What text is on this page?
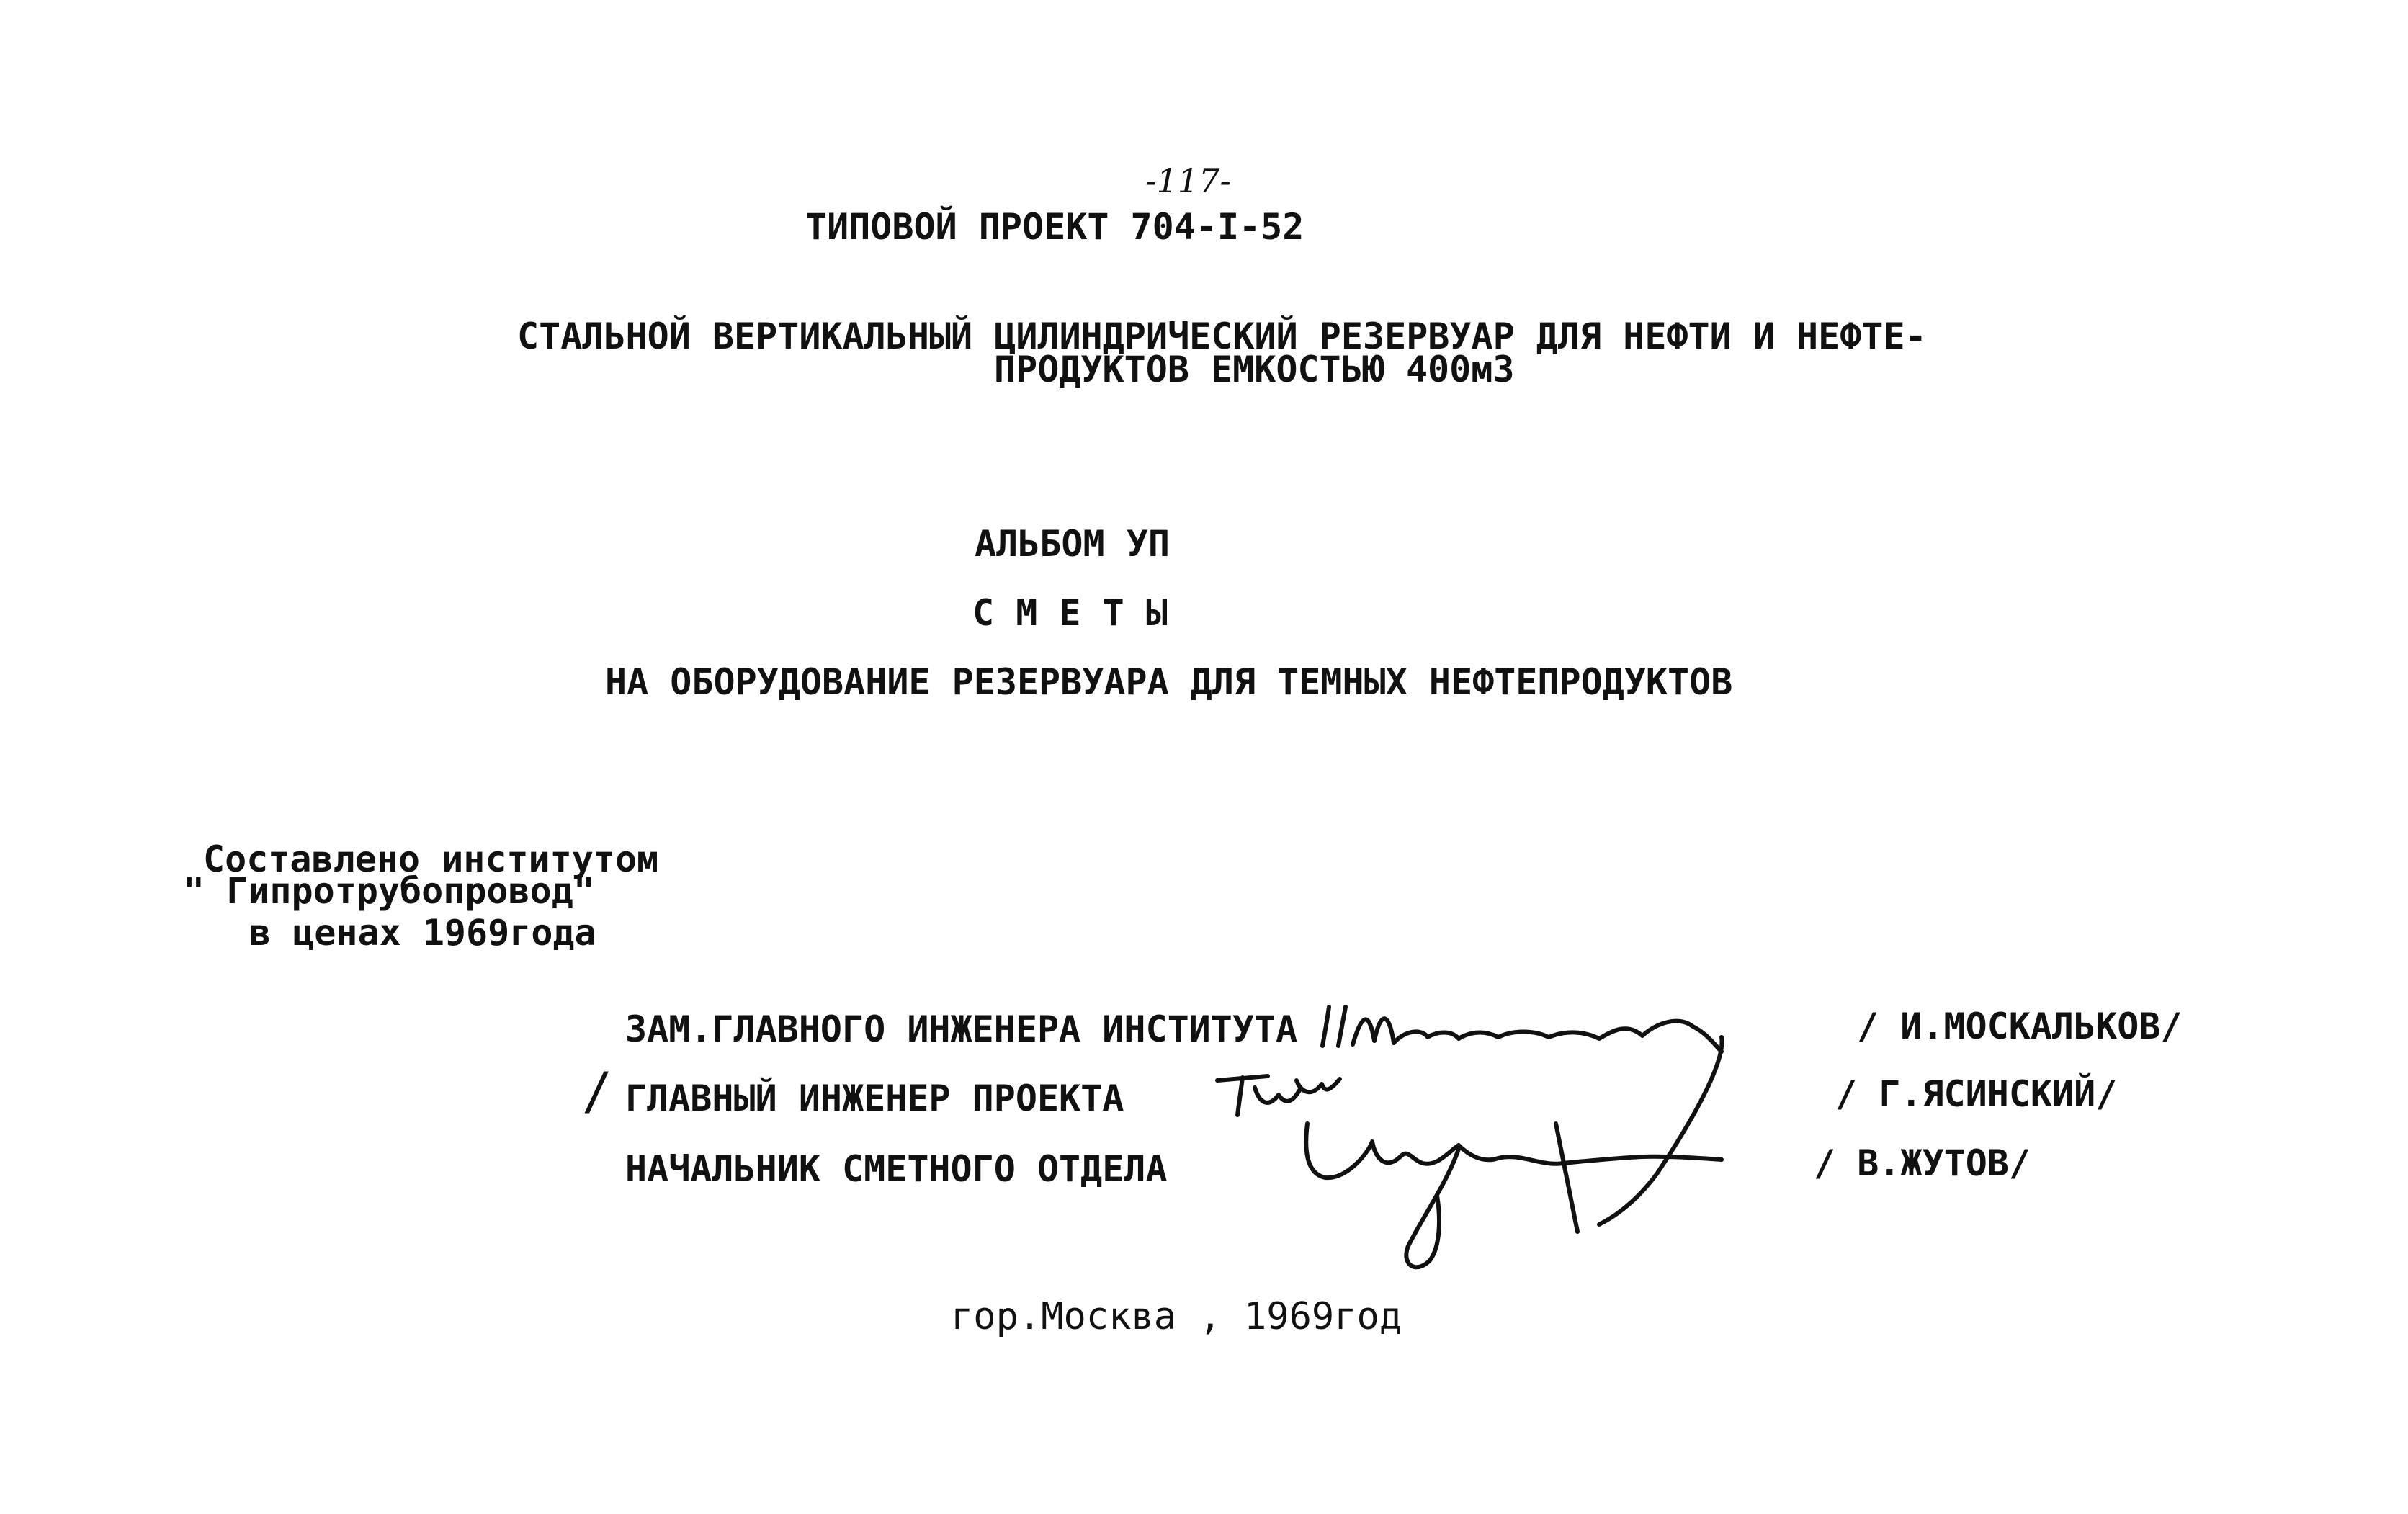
-117-
ТИПОВОЙ ПРОЕКТ 704-I-52
СТАЛЬНОЙ ВЕРТИКАЛЬНЫЙ ЦИЛИНДРИЧЕСКИЙ РЕЗЕРВУАР ДЛЯ НЕФТИ И НЕФТЕ-
ПРОДУКТОВ ЕМКОСТЬЮ 400м3
АЛЬБОМ УП
С М Е Т Ы
НА ОБОРУДОВАНИЕ РЕЗЕРВУАРА ДЛЯ ТЕМНЫХ НЕФТЕПРОДУКТОВ
Составлено институтом
" Гипротрубопровод"
в ценах 1969года
ЗАМ.ГЛАВНОГО ИНЖЕНЕРА ИНСТИТУТА	/ И.МОСКАЛЬКОВ/
/ ГЛАВНЫЙ ИНЖЕНЕР ПРОЕКТА	/ Г.ЯСИНСКИЙ/
НАЧАЛЬНИК СМЕТНОГО ОТДЕЛА	/ В.ЖУТОВ/
гор.Москва , 1969год
